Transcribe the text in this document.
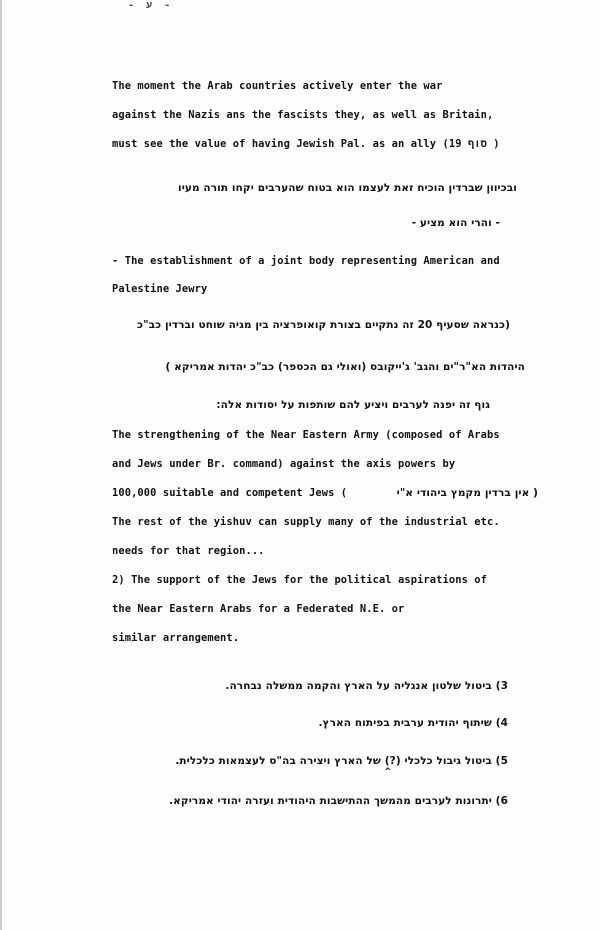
- ﬠ -
The moment the Arab countries actively enter the war
against the Nazis ans the fascists they, as well as Britain,
must see the value of having Jewish Pal. as an ally (19 סוף )
ובכיוון שברדין הוכיח זאת לעצמו הוא בטוח שהערבים יקחו תורה מעיו
- והרי הוא מציע -
- The establishment of a joint body representing American and
Palestine Jewry
(כנראה שסעיף 20 זה נתקיים בצורת קואופרציה בין מגיה שוחט וברדין כב"כ
היהדות הא"ר"ים והגב' ג'ייקובס (ואולי גם הכספר) כב"כ יהדות אמריקא )
גוף זה יפנה לערבים ויציע להם שותפות על יסודות אלה:
The strengthening of the Near Eastern Army (composed of Arabs
and Jews under Br. command) against the axis powers by
100,000 suitable and competent Jews (	( אין ברדין מקמץ ביהודי א"י
The rest of the yishuv can supply many of the industrial etc.
needs for that region...
2) The support of the Jews for the political aspirations of
the Near Eastern Arabs for a Federated N.E. or
similar arrangement.
3) ביטול שלטון אנגליה על הארץ והקמה ממשלה נבחרה.
4) שיתוף יהודית ערבית בפיתוח הארץ.
5) ביטול גיבול כלכלי (?) של הארץ ויצירה בה"ס לעצמאות כלכלית.
^
6) יתרונות לערבים מהמשך ההתישבות היהודית ועזרה יהודי אמריקא.
